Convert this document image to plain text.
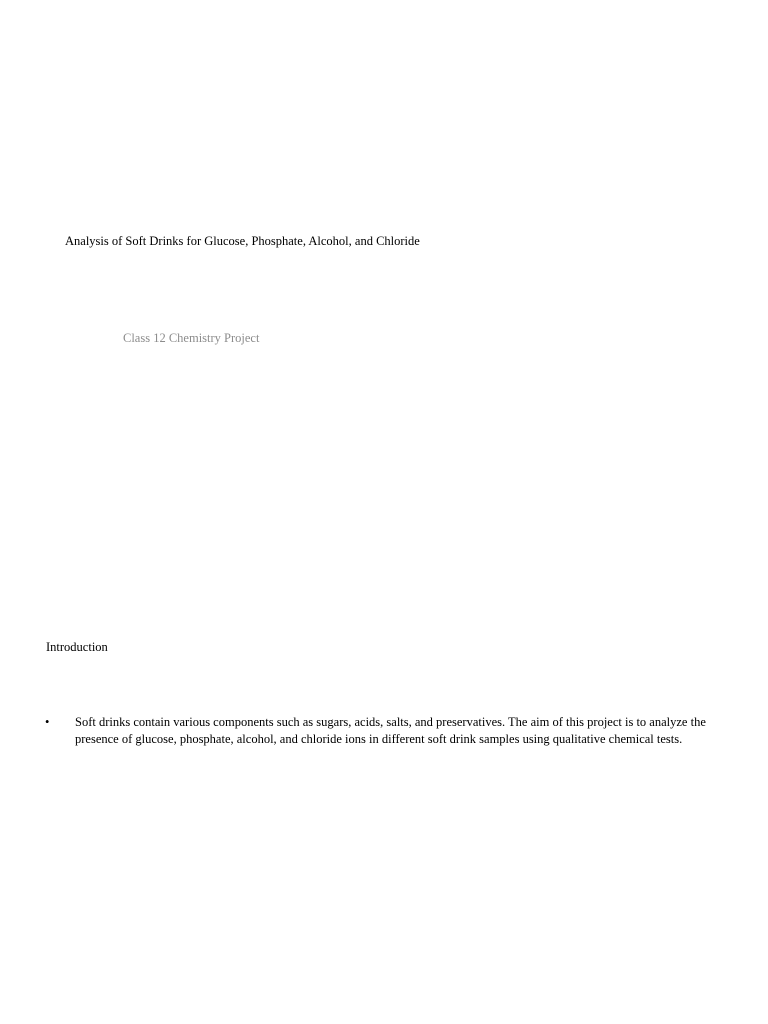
Analysis of Soft Drinks for Glucose, Phosphate, Alcohol, and Chloride
Class 12 Chemistry Project
Introduction
• Soft drinks contain various components such as sugars, acids, salts, and preservatives. The aim of this project is to analyze the presence of glucose, phosphate, alcohol, and chloride ions in different soft drink samples using qualitative chemical tests.
